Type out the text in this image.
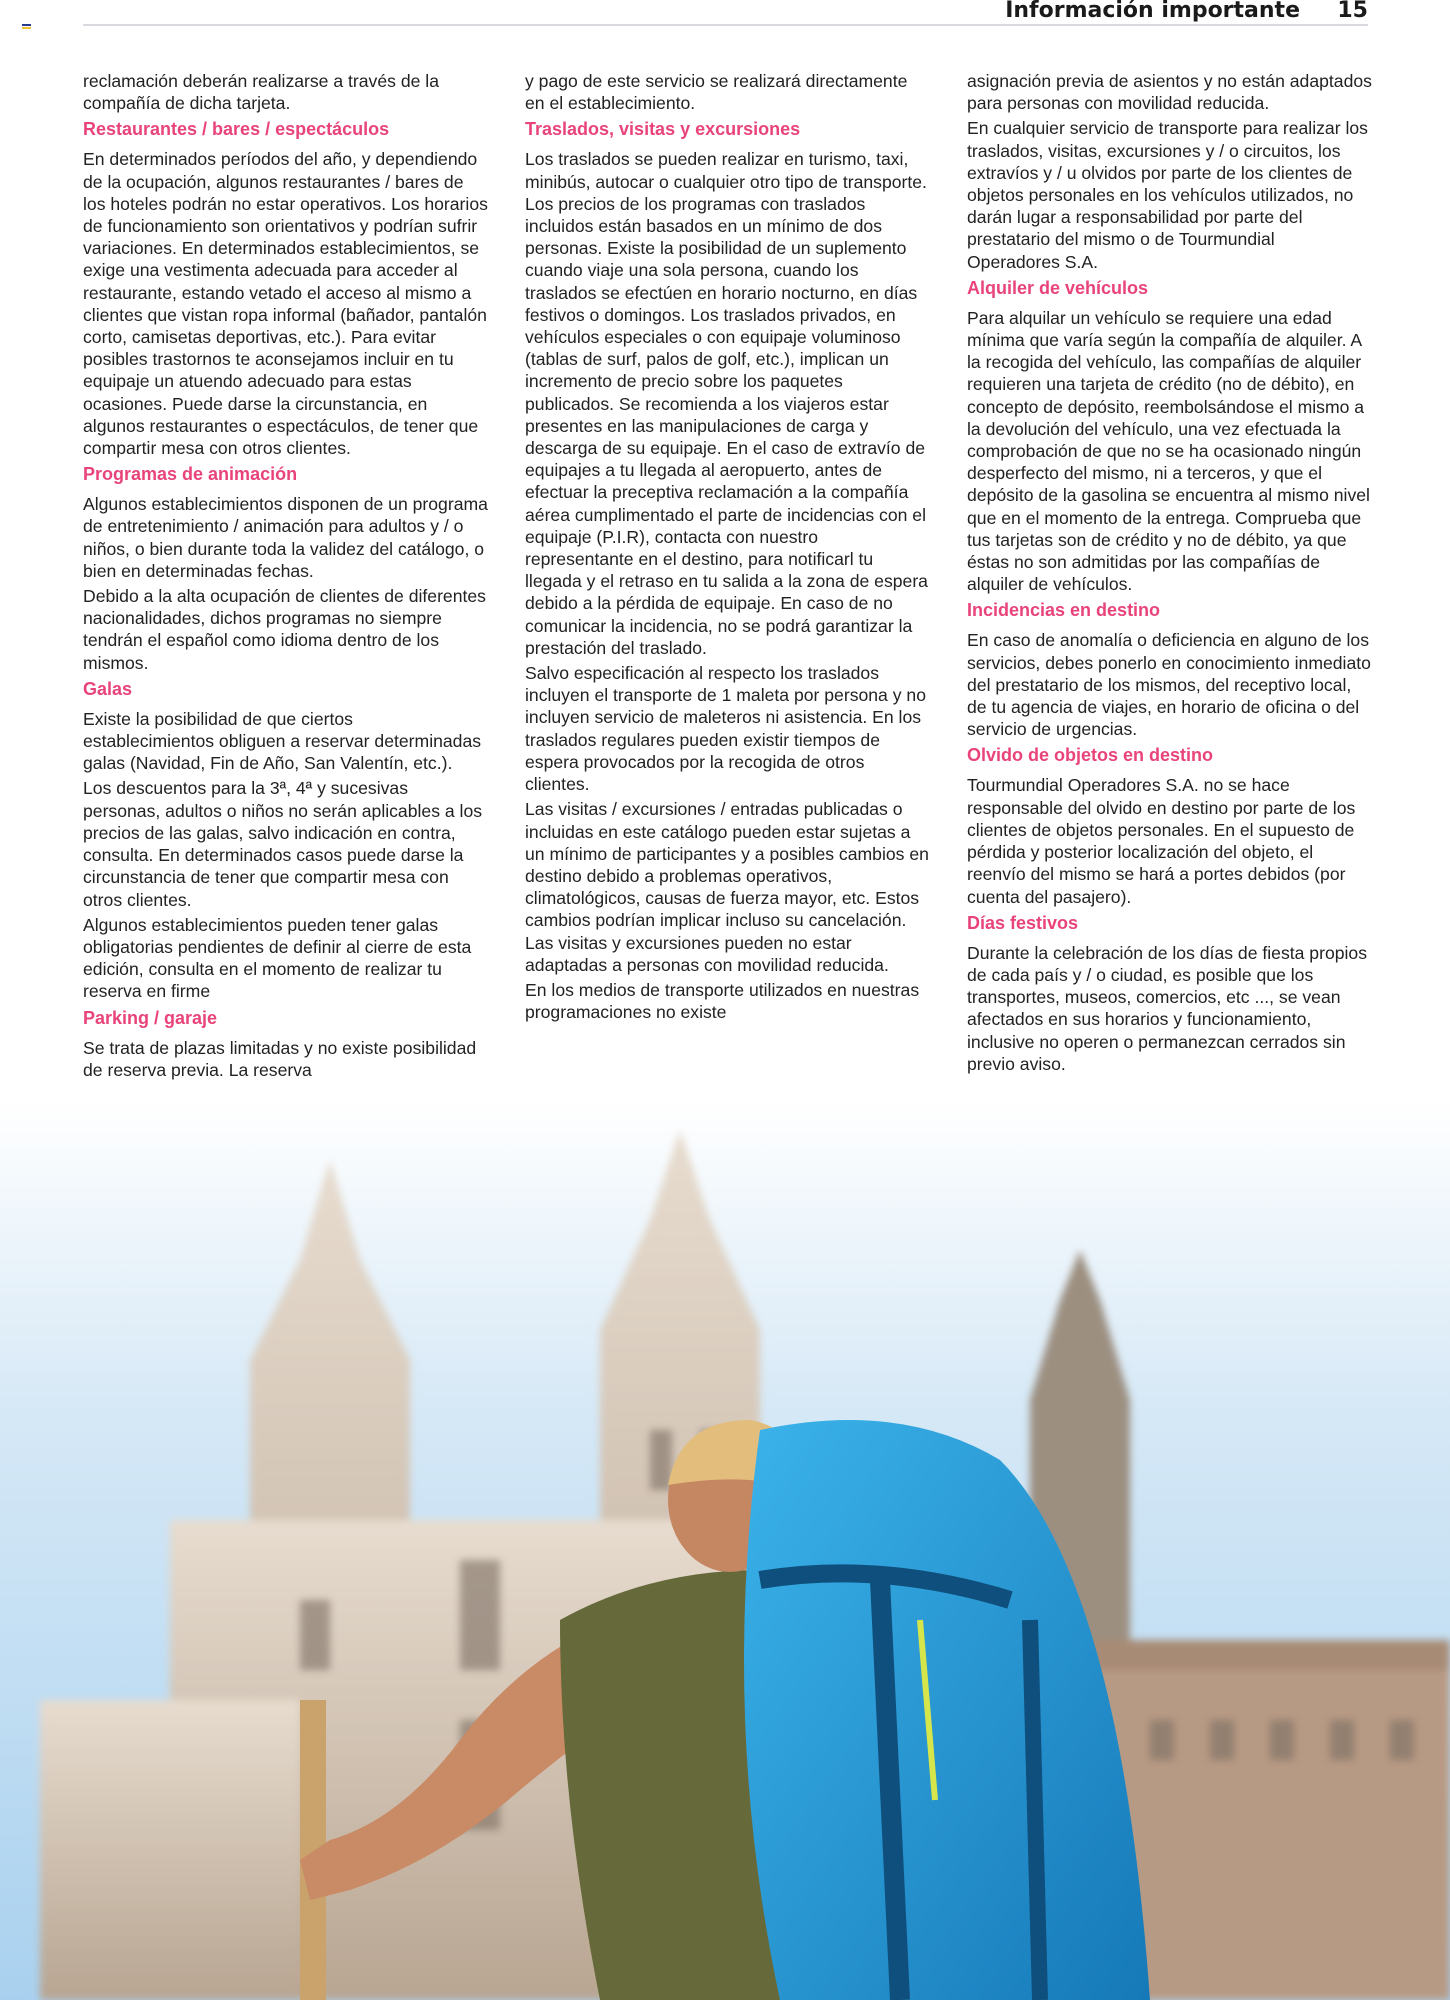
Información importante 15

reclamación deberán realizarse a través de la compañía de dicha tarjeta.

Restaurantes / bares / espectáculos

En determinados períodos del año, y dependiendo de la ocupación, algunos restaurantes / bares de los hoteles podrán no estar operativos. Los horarios de funcionamiento son orientativos y podrían sufrir variaciones. En determinados establecimientos, se exige una vestimenta adecuada para acceder al restaurante, estando vetado el acceso al mismo a clientes que vistan ropa informal (bañador, pantalón corto, camisetas deportivas, etc.). Para evitar posibles trastornos te aconsejamos incluir en tu equipaje un atuendo adecuado para estas ocasiones. Puede darse la circunstancia, en algunos restaurantes o espectáculos, de tener que compartir mesa con otros clientes.

Programas de animación

Algunos establecimientos disponen de un programa de entretenimiento / animación para adultos y / o niños, o bien durante toda la validez del catálogo, o bien en determinadas fechas.

Debido a la alta ocupación de clientes de diferentes nacionalidades, dichos programas no siempre tendrán el español como idioma dentro de los mismos.

Galas

Existe la posibilidad de que ciertos establecimientos obliguen a reservar determinadas galas (Navidad, Fin de Año, San Valentín, etc.).

Los descuentos para la 3ª, 4ª y sucesivas personas, adultos o niños no serán aplicables a los precios de las galas, salvo indicación en contra, consulta. En determinados casos puede darse la circunstancia de tener que compartir mesa con otros clientes.

Algunos establecimientos pueden tener galas obligatorias pendientes de definir al cierre de esta edición, consulta en el momento de realizar tu reserva en firme

Parking / garaje

Se trata de plazas limitadas y no existe posibilidad de reserva previa. La reserva

y pago de este servicio se realizará directamente en el establecimiento.

Traslados, visitas y excursiones

Los traslados se pueden realizar en turismo, taxi, minibús, autocar o cualquier otro tipo de transporte. Los precios de los programas con traslados incluidos están basados en un mínimo de dos personas. Existe la posibilidad de un suplemento cuando viaje una sola persona, cuando los traslados se efectúen en horario nocturno, en días festivos o domingos. Los traslados privados, en vehículos especiales o con equipaje voluminoso (tablas de surf, palos de golf, etc.), implican un incremento de precio sobre los paquetes publicados. Se recomienda a los viajeros estar presentes en las manipulaciones de carga y descarga de su equipaje. En el caso de extravío de equipajes a tu llegada al aeropuerto, antes de efectuar la preceptiva reclamación a la compañía aérea cumplimentado el parte de incidencias con el equipaje (P.I.R), contacta con nuestro representante en el destino, para notificarl tu llegada y el retraso en tu salida a la zona de espera debido a la pérdida de equipaje. En caso de no comunicar la incidencia, no se podrá garantizar la prestación del traslado.

Salvo especificación al respecto los traslados incluyen el transporte de 1 maleta por persona y no incluyen servicio de maleteros ni asistencia. En los traslados regulares pueden existir tiempos de espera provocados por la recogida de otros clientes.

Las visitas / excursiones / entradas publicadas o incluidas en este catálogo pueden estar sujetas a un mínimo de participantes y a posibles cambios en destino debido a problemas operativos, climatológicos, causas de fuerza mayor, etc. Estos cambios podrían implicar incluso su cancelación. Las visitas y excursiones pueden no estar adaptadas a personas con movilidad reducida.

En los medios de transporte utilizados en nuestras programaciones no existe

asignación previa de asientos y no están adaptados para personas con movilidad reducida.

En cualquier servicio de transporte para realizar los traslados, visitas, excursiones y / o circuitos, los extravíos y / u olvidos por parte de los clientes de objetos personales en los vehículos utilizados, no darán lugar a responsabilidad por parte del prestatario del mismo o de Tourmundial Operadores S.A.

Alquiler de vehículos

Para alquilar un vehículo se requiere una edad mínima que varía según la compañía de alquiler. A la recogida del vehículo, las compañías de alquiler requieren una tarjeta de crédito (no de débito), en concepto de depósito, reembolsándose el mismo a la devolución del vehículo, una vez efectuada la comprobación de que no se ha ocasionado ningún desperfecto del mismo, ni a terceros, y que el depósito de la gasolina se encuentra al mismo nivel que en el momento de la entrega. Comprueba que tus tarjetas son de crédito y no de débito, ya que éstas no son admitidas por las compañías de alquiler de vehículos.

Incidencias en destino

En caso de anomalía o deficiencia en alguno de los servicios, debes ponerlo en conocimiento inmediato del prestatario de los mismos, del receptivo local, de tu agencia de viajes, en horario de oficina o del servicio de urgencias.

Olvido de objetos en destino

Tourmundial Operadores S.A. no se hace responsable del olvido en destino por parte de los clientes de objetos personales. En el supuesto de pérdida y posterior localización del objeto, el reenvío del mismo se hará a portes debidos (por cuenta del pasajero).

Días festivos

Durante la celebración de los días de fiesta propios de cada país y / o ciudad, es posible que los transportes, museos, comercios, etc ..., se vean afectados en sus horarios y funcionamiento, inclusive no operen o permanezcan cerrados sin previo aviso.
